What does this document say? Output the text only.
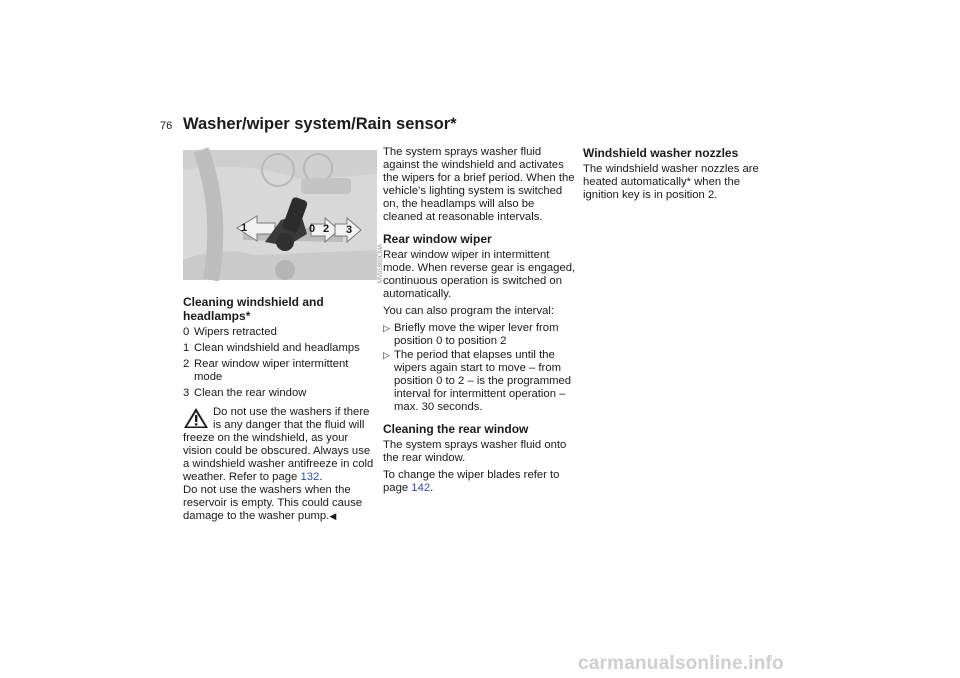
76 Washer/wiper system/Rain sensor*
1	0 2 3
MV01800CMA
Cleaning windshield and headlamps*
0 Wipers retracted
1 Clean windshield and headlamps
2 Rear window wiper intermittent mode
3 Clean the rear window
Do not use the washers if there is any danger that the fluid will freeze on the windshield, as your vision could be obscured. Always use a windshield washer antifreeze in cold weather. Refer to page 132.
Do not use the washers when the reservoir is empty. This could cause damage to the washer pump.◀

The system sprays washer fluid against the windshield and activates the wipers for a brief period. When the vehicle's lighting system is switched on, the headlamps will also be cleaned at reasonable intervals.

Rear window wiper

Rear window wiper in intermittent mode. When reverse gear is engaged, continuous operation is switched on automatically.

You can also program the interval:

▷ Briefly move the wiper lever from position 0 to position 2
▷ The period that elapses until the wipers again start to move – from position 0 to 2 – is the programmed interval for intermittent operation – max. 30 seconds.
Cleaning the rear window

The system sprays washer fluid onto the rear window.

To change the wiper blades refer to page 142.

Windshield washer nozzles

The windshield washer nozzles are heated automatically* when the ignition key is in position 2.

carmanualsonline.info
